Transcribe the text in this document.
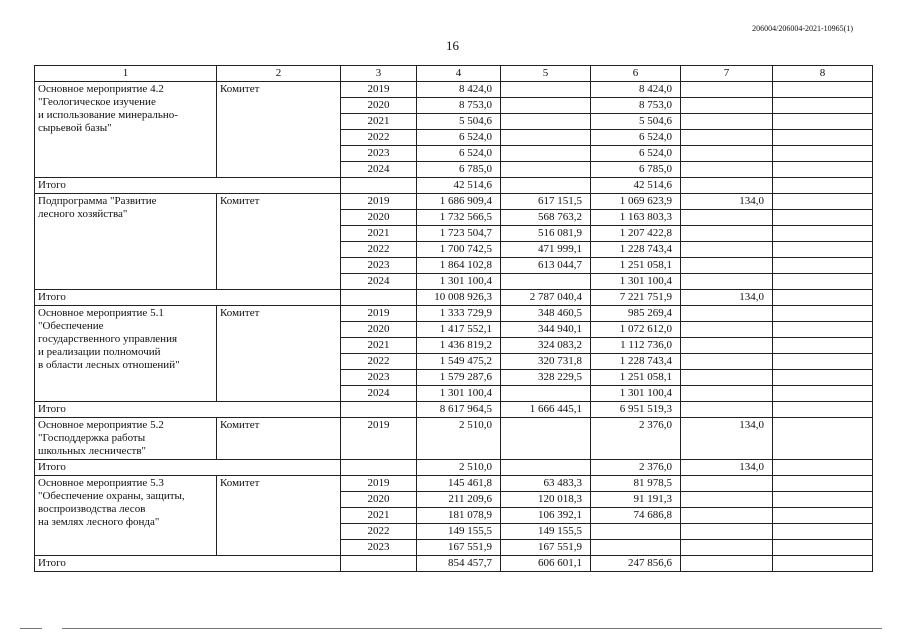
206004/206004-2021-10965(1)
16
1	2	3	4	5	6	7	8
Основное мероприятие 4.2
"Геологическое изучение
и использование минерально-
сырьевой базы"	Комитет	2019	8 424,0		8 424,0		
		2020	8 753,0		8 753,0		
		2021	5 504,6		5 504,6		
		2022	6 524,0		6 524,0		
		2023	6 524,0		6 524,0		
		2024	6 785,0		6 785,0		
Итого			42 514,6		42 514,6		
Подпрограмма "Развитие
лесного хозяйства"	Комитет	2019	1 686 909,4	617 151,5	1 069 623,9	134,0	
		2020	1 732 566,5	568 763,2	1 163 803,3		
		2021	1 723 504,7	516 081,9	1 207 422,8		
		2022	1 700 742,5	471 999,1	1 228 743,4		
		2023	1 864 102,8	613 044,7	1 251 058,1		
		2024	1 301 100,4		1 301 100,4		
Итого			10 008 926,3	2 787 040,4	7 221 751,9	134,0	
Основное мероприятие 5.1
"Обеспечение
государственного управления
и реализации полномочий
в области лесных отношений"	Комитет	2019	1 333 729,9	348 460,5	985 269,4		
		2020	1 417 552,1	344 940,1	1 072 612,0		
		2021	1 436 819,2	324 083,2	1 112 736,0		
		2022	1 549 475,2	320 731,8	1 228 743,4		
		2023	1 579 287,6	328 229,5	1 251 058,1		
		2024	1 301 100,4		1 301 100,4		
Итого			8 617 964,5	1 666 445,1	6 951 519,3		
Основное мероприятие 5.2
"Господдержка работы
школьных лесничеств"	Комитет	2019	2 510,0		2 376,0	134,0	
Итого			2 510,0		2 376,0	134,0	
Основное мероприятие 5.3
"Обеспечение охраны, защиты,
воспроизводства лесов
на землях лесного фонда"	Комитет	2019	145 461,8	63 483,3	81 978,5		
		2020	211 209,6	120 018,3	91 191,3		
		2021	181 078,9	106 392,1	74 686,8		
		2022	149 155,5	149 155,5			
		2023	167 551,9	167 551,9			
Итого			854 457,7	606 601,1	247 856,6		
